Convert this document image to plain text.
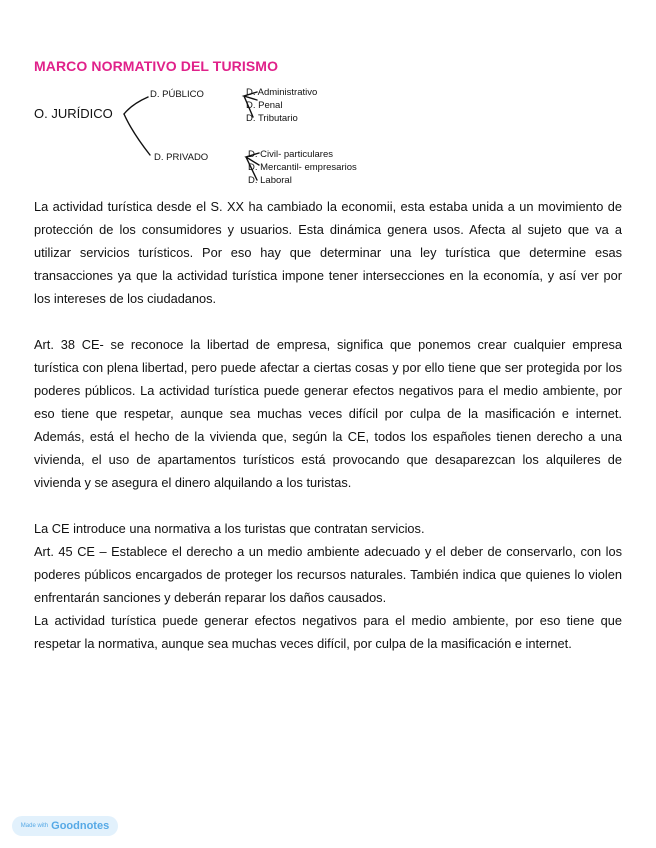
MARCO NORMATIVO DEL TURISMO
O. JURÍDICO
D. PÚBLICO	D. Administrativo
D. Penal
D. Tributario
D. PRIVADO	D. Civil- particulares
D. Mercantil- empresarios
D. Laboral

La actividad turística desde el S. XX ha cambiado la economii, esta estaba unida a un movimiento de protección de los consumidores y usuarios. Esta dinámica genera usos. Afecta al sujeto que va a utilizar servicios turísticos. Por eso hay que determinar una ley turística que determine esas transacciones ya que la actividad turística impone tener intersecciones en la economía, y así ver por los intereses de los ciudadanos.

Art. 38 CE- se reconoce la libertad de empresa, significa que ponemos crear cualquier empresa turística con plena libertad, pero puede afectar a ciertas cosas y por ello tiene que ser protegida por los poderes públicos. La actividad turística puede generar efectos negativos para el medio ambiente, por eso tiene que respetar, aunque sea muchas veces difícil por culpa de la masificación e internet. Además, está el hecho de la vivienda que, según la CE, todos los españoles tienen derecho a una vivienda, el uso de apartamentos turísticos está provocando que desaparezcan los alquileres de vivienda y se asegura el dinero alquilando a los turistas.

La CE introduce una normativa a los turistas que contratan servicios.

Art. 45 CE – Establece el derecho a un medio ambiente adecuado y el deber de conservarlo, con los poderes públicos encargados de proteger los recursos naturales. También indica que quienes lo violen enfrentarán sanciones y deberán reparar los daños causados.

La actividad turística puede generar efectos negativos para el medio ambiente, por eso tiene que respetar la normativa, aunque sea muchas veces difícil, por culpa de la masificación e internet.

Made with Goodnotes
